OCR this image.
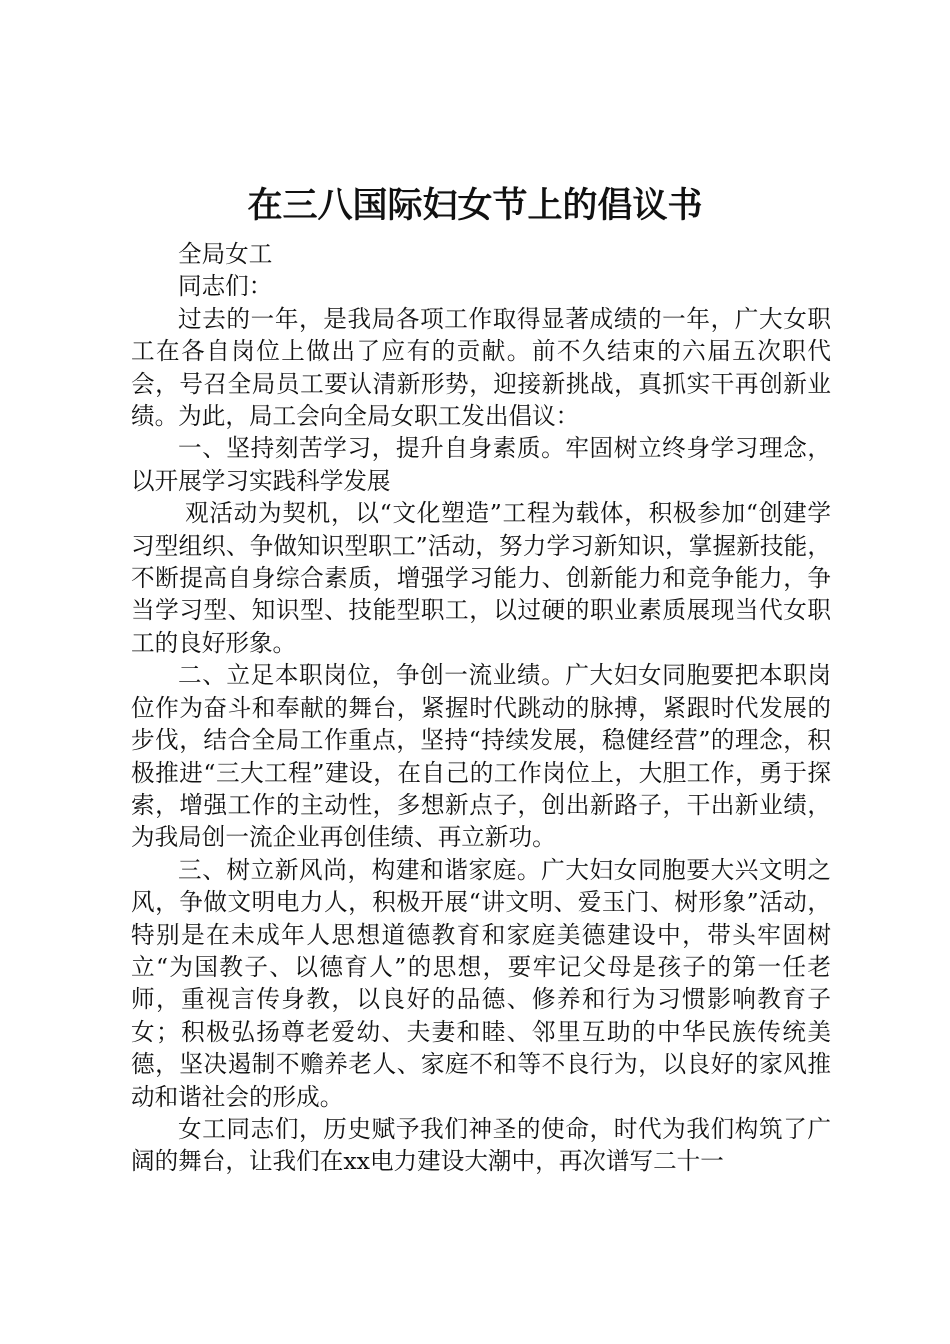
在三八国际妇女节上的倡议书

全局女工

同志们：

过去的一年，是我局各项工作取得显著成绩的一年，广大女职工在各自岗位上做出了应有的贡献。前不久结束的六届五次职代会，号召全局员工要认清新形势，迎接新挑战，真抓实干再创新业绩。为此，局工会向全局女职工发出倡议：

一、坚持刻苦学习，提升自身素质。牢固树立终身学习理念，以开展学习实践科学发展

观活动为契机，以“文化塑造”工程为载体，积极参加“创建学习型组织、争做知识型职工”活动，努力学习新知识，掌握新技能，不断提高自身综合素质，增强学习能力、创新能力和竞争能力，争当学习型、知识型、技能型职工，以过硬的职业素质展现当代女职工的良好形象。

二、立足本职岗位，争创一流业绩。广大妇女同胞要把本职岗位作为奋斗和奉献的舞台，紧握时代跳动的脉搏，紧跟时代发展的步伐，结合全局工作重点，坚持“持续发展，稳健经营”的理念，积极推进“三大工程”建设，在自己的工作岗位上，大胆工作，勇于探索，增强工作的主动性，多想新点子，创出新路子，干出新业绩，为我局创一流企业再创佳绩、再立新功。

三、树立新风尚，构建和谐家庭。广大妇女同胞要大兴文明之风，争做文明电力人，积极开展“讲文明、爱玉门、树形象”活动，特别是在未成年人思想道德教育和家庭美德建设中，带头牢固树立“为国教子、以德育人”的思想，要牢记父母是孩子的第一任老师，重视言传身教，以良好的品德、修养和行为习惯影响教育子女；积极弘扬尊老爱幼、夫妻和睦、邻里互助的中华民族传统美德，坚决遏制不赡养老人、家庭不和等不良行为，以良好的家风推动和谐社会的形成。

女工同志们，历史赋予我们神圣的使命，时代为我们构筑了广阔的舞台，让我们在xx电力建设大潮中，再次谱写二十一
